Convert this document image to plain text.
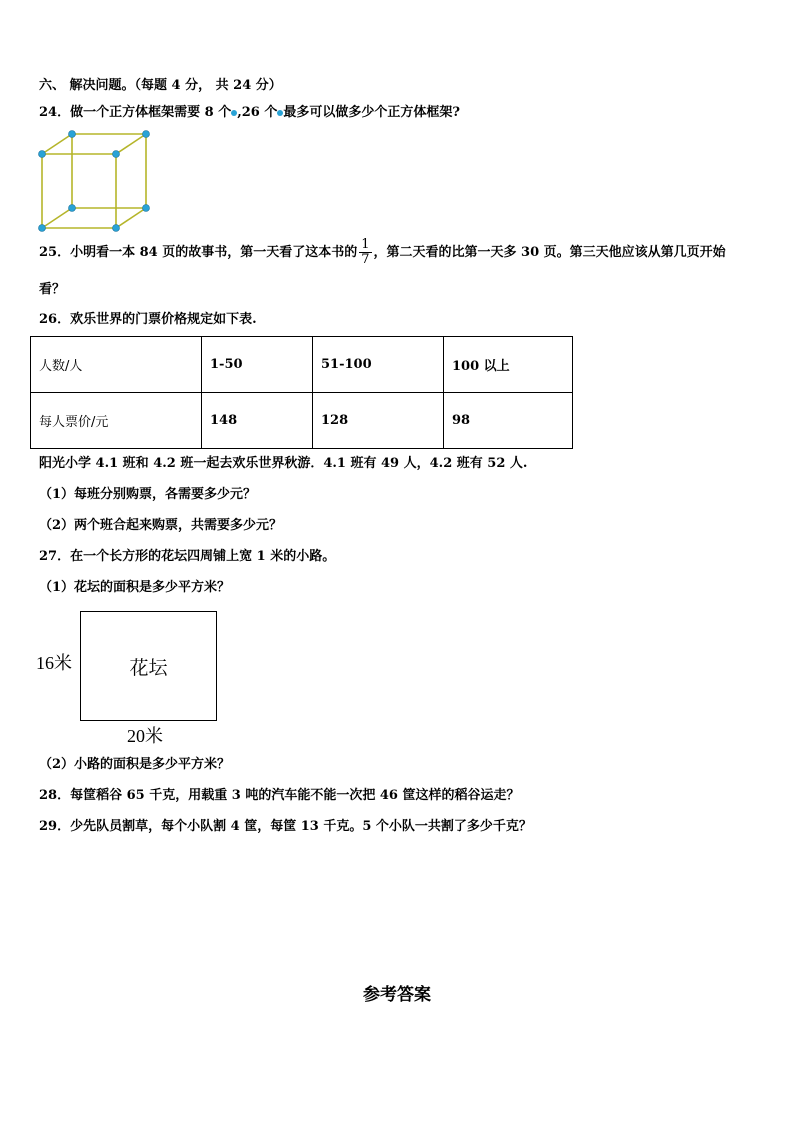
六、 解决问题。（每题 4 分， 共 24 分）
24．做一个正方体框架需要 8 个 ,26 个 最多可以做多少个正方体框架?
25．小明看一本 84 页的故事书，第一天看了这本书的 $\frac{1}{7}$ ，第二天看的比第一天多 30 页。第三天他应该从第几页开始
看？
26．欢乐世界的门票价格规定如下表.
人数/人	1-50	51-100	100 以上
每人票价/元	148	128	98
阳光小学 4.1 班和 4.2 班一起去欢乐世界秋游．4.1 班有 49 人，4.2 班有 52 人.
（1）每班分别购票，各需要多少元？
（2）两个班合起来购票，共需要多少元？
27．在一个长方形的花坛四周铺上宽 1 米的小路。
（1）花坛的面积是多少平方米？
16米	花坛
20米
（2）小路的面积是多少平方米？
28．每筐稻谷 65 千克，用载重 3 吨的汽车能不能一次把 46 筐这样的稻谷运走？
29．少先队员割草，每个小队割 4 筐，每筐 13 千克。5 个小队一共割了多少千克？
参考答案
